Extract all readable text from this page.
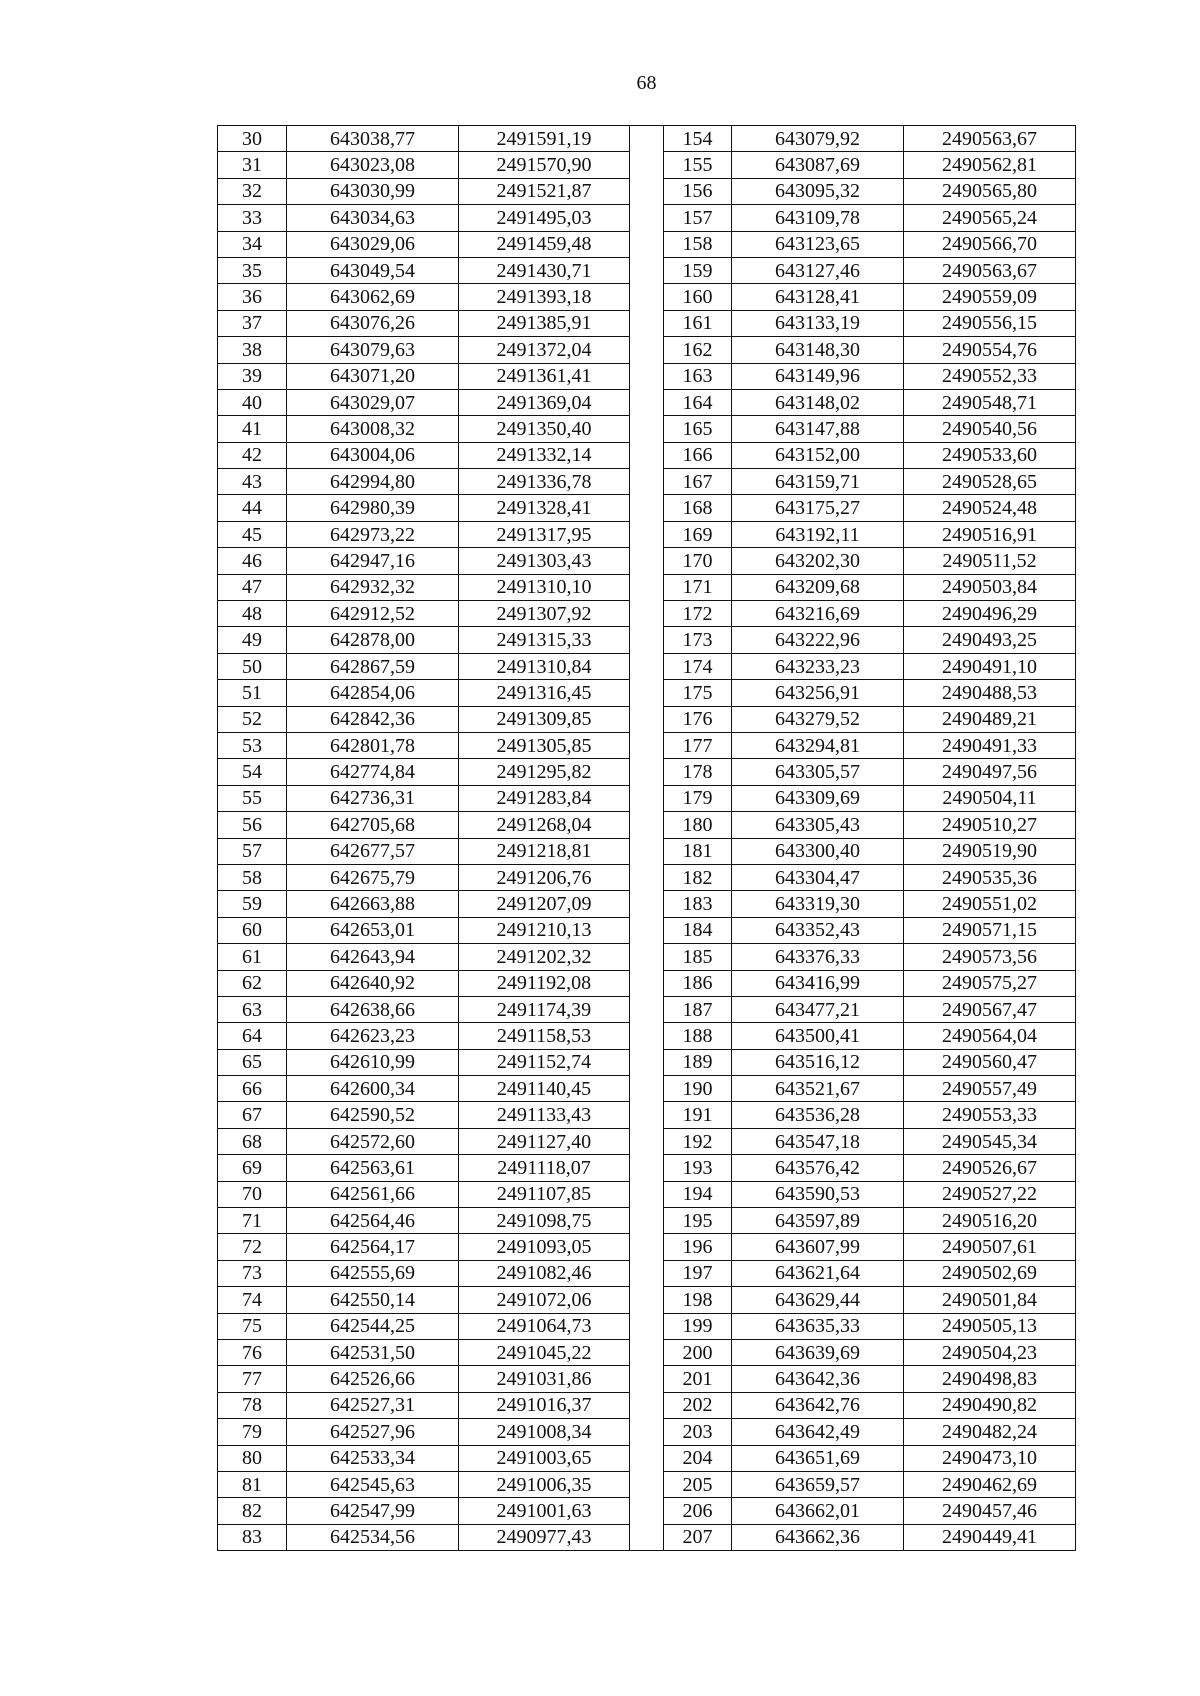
68
30	643038,77	2491591,19		154	643079,92	2490563,67
31	643023,08	2491570,90		155	643087,69	2490562,81
32	643030,99	2491521,87		156	643095,32	2490565,80
33	643034,63	2491495,03		157	643109,78	2490565,24
34	643029,06	2491459,48		158	643123,65	2490566,70
35	643049,54	2491430,71		159	643127,46	2490563,67
36	643062,69	2491393,18		160	643128,41	2490559,09
37	643076,26	2491385,91		161	643133,19	2490556,15
38	643079,63	2491372,04		162	643148,30	2490554,76
39	643071,20	2491361,41		163	643149,96	2490552,33
40	643029,07	2491369,04		164	643148,02	2490548,71
41	643008,32	2491350,40		165	643147,88	2490540,56
42	643004,06	2491332,14		166	643152,00	2490533,60
43	642994,80	2491336,78		167	643159,71	2490528,65
44	642980,39	2491328,41		168	643175,27	2490524,48
45	642973,22	2491317,95		169	643192,11	2490516,91
46	642947,16	2491303,43		170	643202,30	2490511,52
47	642932,32	2491310,10		171	643209,68	2490503,84
48	642912,52	2491307,92		172	643216,69	2490496,29
49	642878,00	2491315,33		173	643222,96	2490493,25
50	642867,59	2491310,84		174	643233,23	2490491,10
51	642854,06	2491316,45		175	643256,91	2490488,53
52	642842,36	2491309,85		176	643279,52	2490489,21
53	642801,78	2491305,85		177	643294,81	2490491,33
54	642774,84	2491295,82		178	643305,57	2490497,56
55	642736,31	2491283,84		179	643309,69	2490504,11
56	642705,68	2491268,04		180	643305,43	2490510,27
57	642677,57	2491218,81		181	643300,40	2490519,90
58	642675,79	2491206,76		182	643304,47	2490535,36
59	642663,88	2491207,09		183	643319,30	2490551,02
60	642653,01	2491210,13		184	643352,43	2490571,15
61	642643,94	2491202,32		185	643376,33	2490573,56
62	642640,92	2491192,08		186	643416,99	2490575,27
63	642638,66	2491174,39		187	643477,21	2490567,47
64	642623,23	2491158,53		188	643500,41	2490564,04
65	642610,99	2491152,74		189	643516,12	2490560,47
66	642600,34	2491140,45		190	643521,67	2490557,49
67	642590,52	2491133,43		191	643536,28	2490553,33
68	642572,60	2491127,40		192	643547,18	2490545,34
69	642563,61	2491118,07		193	643576,42	2490526,67
70	642561,66	2491107,85		194	643590,53	2490527,22
71	642564,46	2491098,75		195	643597,89	2490516,20
72	642564,17	2491093,05		196	643607,99	2490507,61
73	642555,69	2491082,46		197	643621,64	2490502,69
74	642550,14	2491072,06		198	643629,44	2490501,84
75	642544,25	2491064,73		199	643635,33	2490505,13
76	642531,50	2491045,22		200	643639,69	2490504,23
77	642526,66	2491031,86		201	643642,36	2490498,83
78	642527,31	2491016,37		202	643642,76	2490490,82
79	642527,96	2491008,34		203	643642,49	2490482,24
80	642533,34	2491003,65		204	643651,69	2490473,10
81	642545,63	2491006,35		205	643659,57	2490462,69
82	642547,99	2491001,63		206	643662,01	2490457,46
83	642534,56	2490977,43		207	643662,36	2490449,41
